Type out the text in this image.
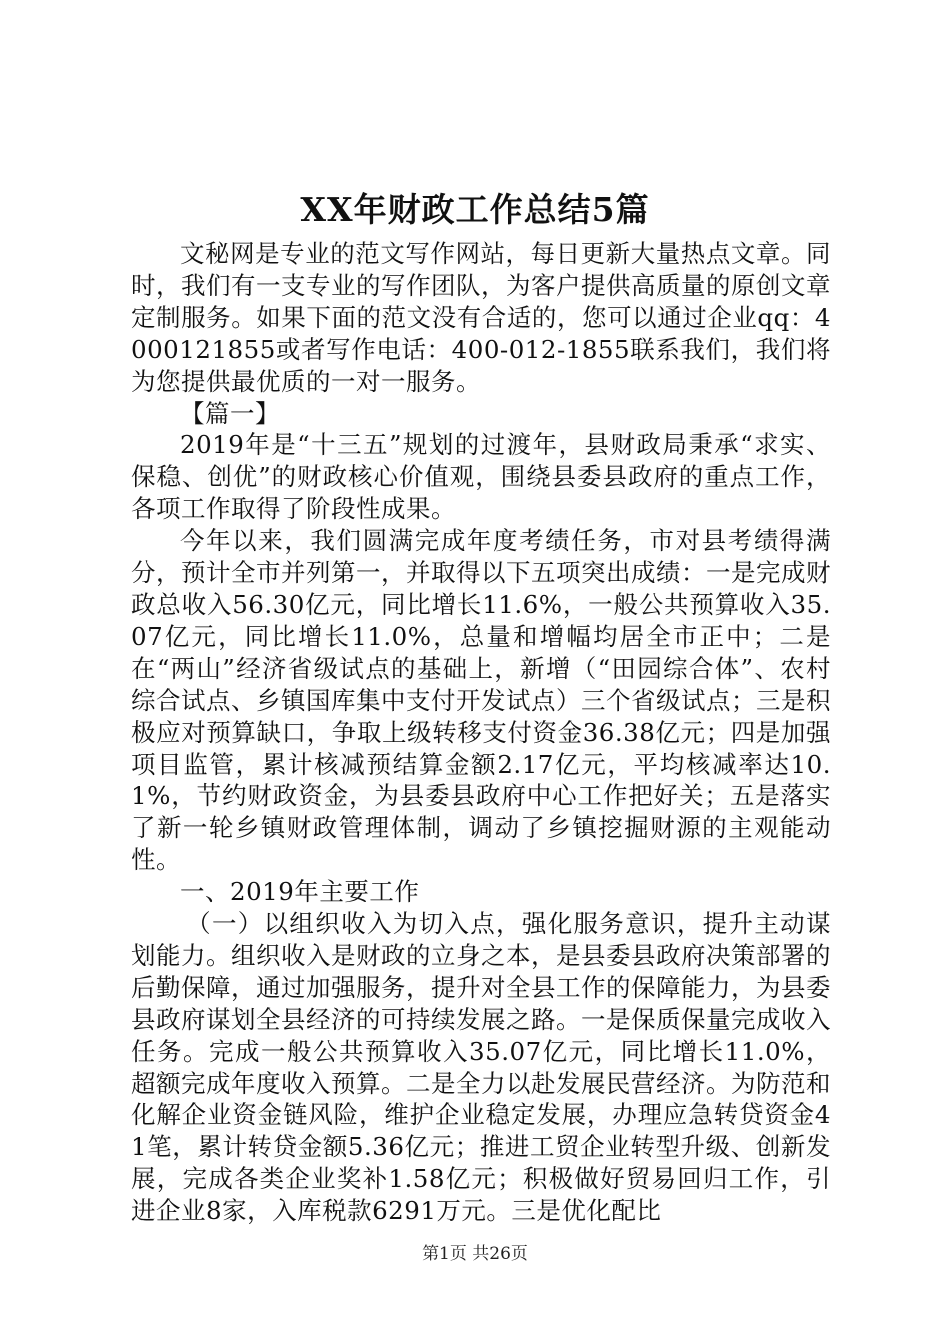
XX年财政工作总结5篇

文秘网是专业的范文写作网站，每日更新大量热点文章。同时，我们有一支专业的写作团队，为客户提供高质量的原创文章定制服务。如果下面的范文没有合适的，您可以通过企业qq：4000121855或者写作电话：400-012-1855联系我们，我们将为您提供最优质的一对一服务。

【篇一】

2019年是“十三五”规划的过渡年，县财政局秉承“求实、保稳、创优”的财政核心价值观，围绕县委县政府的重点工作，各项工作取得了阶段性成果。

今年以来，我们圆满完成年度考绩任务，市对县考绩得满分，预计全市并列第一，并取得以下五项突出成绩：一是完成财政总收入56.30亿元，同比增长11.6%，一般公共预算收入35.07亿元，同比增长11.0%，总量和增幅均居全市正中；二是在“两山”经济省级试点的基础上，新增（“田园综合体”、农村综合试点、乡镇国库集中支付开发试点）三个省级试点；三是积极应对预算缺口，争取上级转移支付资金36.38亿元；四是加强项目监管，累计核减预结算金额2.17亿元，平均核减率达10.1%，节约财政资金，为县委县政府中心工作把好关；五是落实了新一轮乡镇财政管理体制，调动了乡镇挖掘财源的主观能动性。

一、2019年主要工作

（一）以组织收入为切入点，强化服务意识，提升主动谋划能力。组织收入是财政的立身之本，是县委县政府决策部署的后勤保障，通过加强服务，提升对全县工作的保障能力，为县委县政府谋划全县经济的可持续发展之路。一是保质保量完成收入任务。完成一般公共预算收入35.07亿元，同比增长11.0%，超额完成年度收入预算。二是全力以赴发展民营经济。为防范和化解企业资金链风险，维护企业稳定发展，办理应急转贷资金41笔，累计转贷金额5.36亿元；推进工贸企业转型升级、创新发展，完成各类企业奖补1.58亿元；积极做好贸易回归工作，引进企业8家，入库税款6291万元。三是优化配比

第1页 共26页
